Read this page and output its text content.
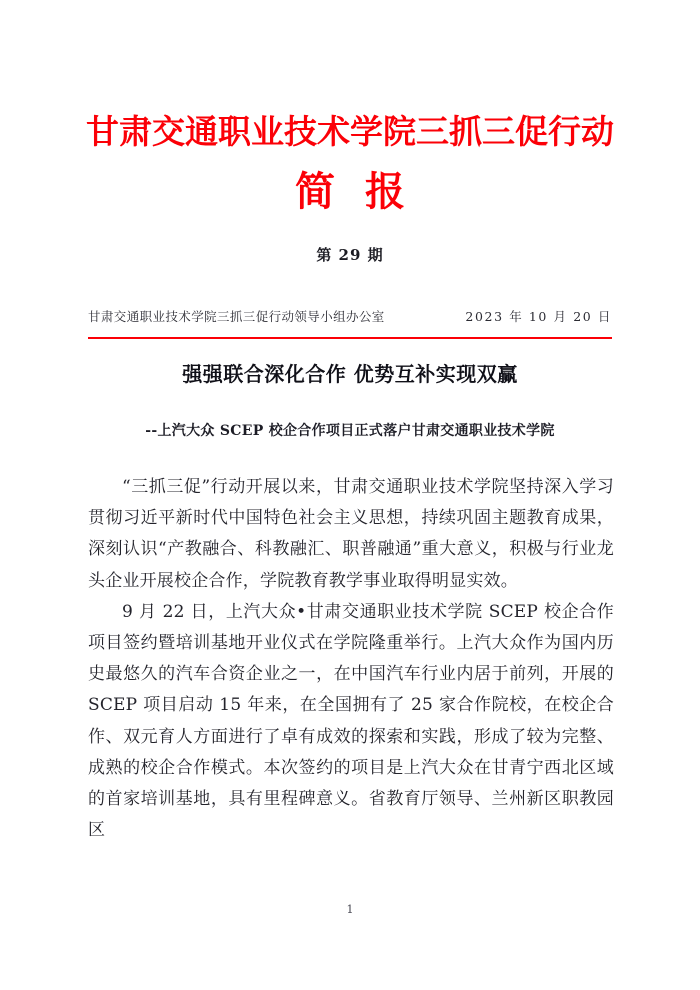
甘肃交通职业技术学院三抓三促行动
简报
第 29 期
甘肃交通职业技术学院三抓三促行动领导小组办公室	2023 年 10 月 20 日
强强联合深化合作 优势互补实现双赢
--上汽大众 SCEP 校企合作项目正式落户甘肃交通职业技术学院

“三抓三促”行动开展以来，甘肃交通职业技术学院坚持深入学习贯彻习近平新时代中国特色社会主义思想，持续巩固主题教育成果，深刻认识“产教融合、科教融汇、职普融通”重大意义，积极与行业龙头企业开展校企合作，学院教育教学事业取得明显实效。

9 月 22 日，上汽大众•甘肃交通职业技术学院 SCEP 校企合作项目签约暨培训基地开业仪式在学院隆重举行。上汽大众作为国内历史最悠久的汽车合资企业之一，在中国汽车行业内居于前列，开展的 SCEP 项目启动 15 年来，在全国拥有了 25 家合作院校，在校企合作、双元育人方面进行了卓有成效的探索和实践，形成了较为完整、成熟的校企合作模式。本次签约的项目是上汽大众在甘青宁西北区域的首家培训基地，具有里程碑意义。省教育厅领导、兰州新区职教园区

1
